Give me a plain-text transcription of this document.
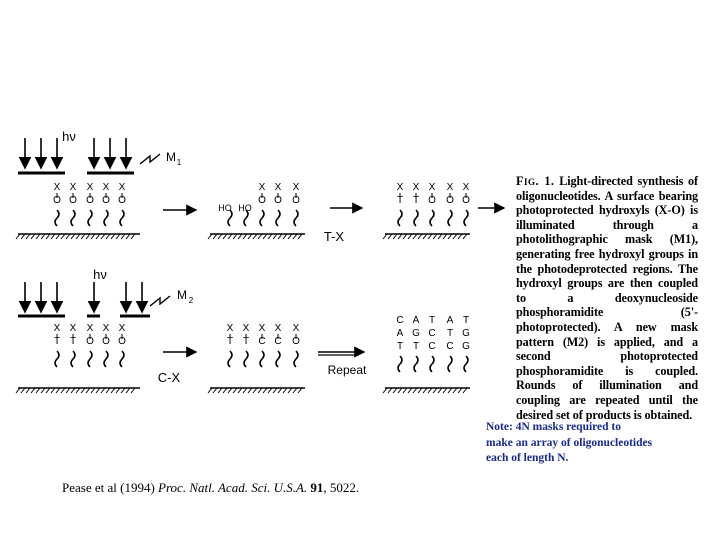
hν
M 1
X
O
X
O
X
O
X
O
X
O
HO HO
X
O
X
O
X
O
T-X
X
T
X
T
X
O
X
O
X
O
hν
M 2
X
T
X
T
X
O
X
O
X
O
C-X
X
T
X
T
X
C
X
C
X
O
Repeat
C
A
T
A
G
T
T
C
C
A
T
C
T
G
G
Fig. 1. Light-directed synthesis of oligonucleotides. A surface bearing photoprotected hydroxyls (X-O) is illuminated through a photolithographic mask (M1), generating free hydroxyl groups in the photodeprotected regions. The hydroxyl groups are then coupled to a deoxynucleoside phosphoramidite (5'-photoprotected). A new mask pattern (M2) is applied, and a second photoprotected phosphoramidite is coupled. Rounds of illumination and coupling are repeated until the desired set of products is obtained.
Note: 4N masks required to
make an array of oligonucleotides
each of length N.
Pease et al (1994) Proc. Natl. Acad. Sci. U.S.A. 91, 5022.
